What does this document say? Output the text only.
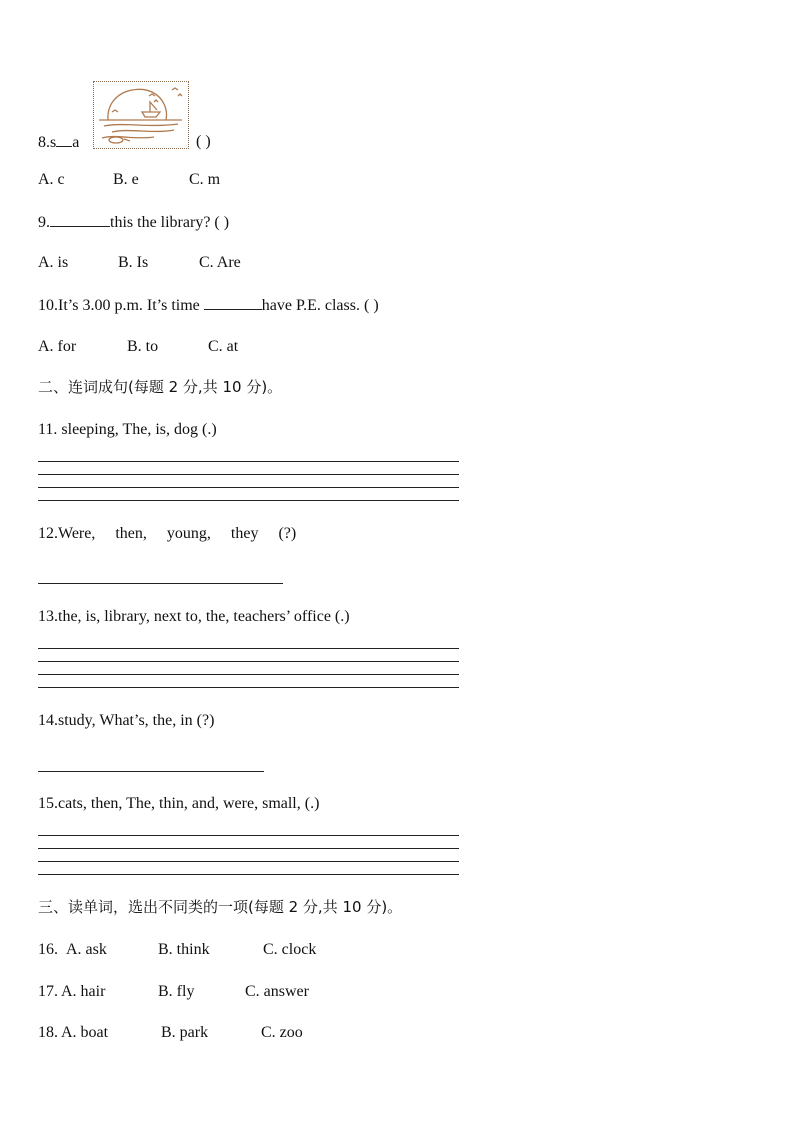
8.s a	( )
A. c	B. e	C. m
9.	this the library? ( )
A. is	B. Is	C. Are
10.It’s 3.00 p.m. It’s time	have P.E. class. ( )
A. for	B. to	C. at
二、连词成句(每题 2 分,共 10 分)。
11. sleeping, The, is, dog (.)
12.Were,     then,     young,     they     (?)
13.the, is, library, next to, the, teachers’ office (.)
14.study, What’s, the, in (?)
15.cats, then, The, thin, and, were, small, (.)
三、读单词，选出不同类的一项(每题 2 分,共 10 分)。
16. A. ask	B. think	C. clock
17. A. hair	B. fly	C. answer
18. A. boat	B. park	C. zoo
